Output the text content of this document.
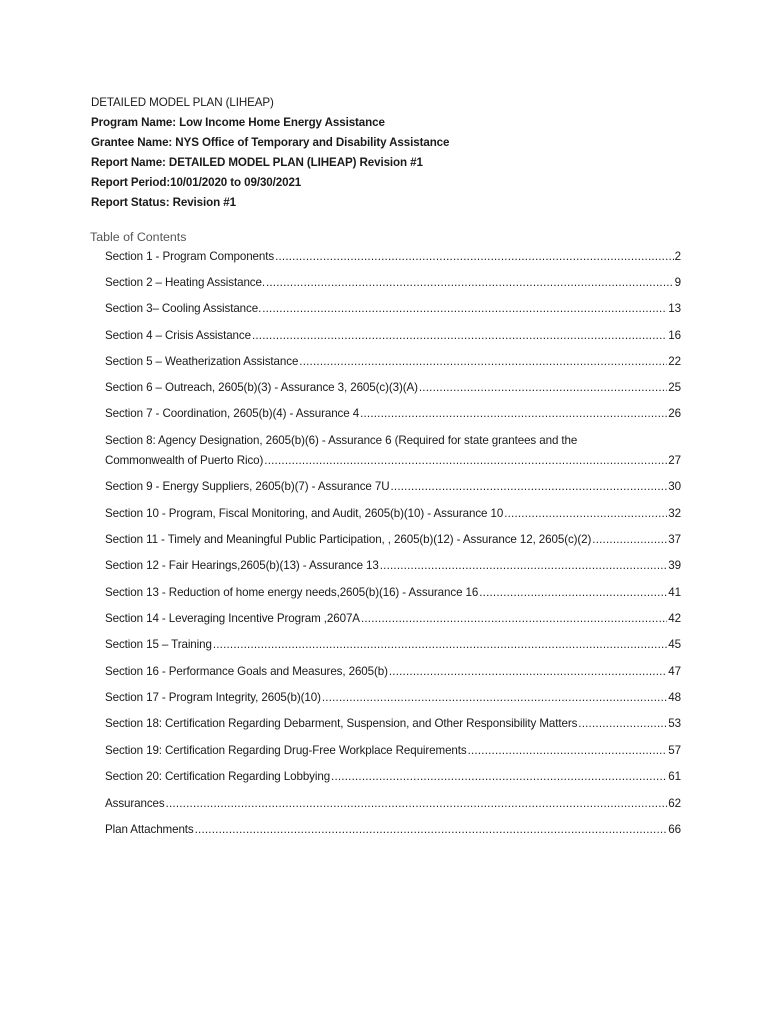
DETAILED MODEL PLAN (LIHEAP)
Program Name: Low Income Home Energy Assistance
Grantee Name: NYS Office of Temporary and Disability Assistance
Report Name: DETAILED MODEL PLAN (LIHEAP) Revision #1
Report Period:10/01/2020 to 09/30/2021
Report Status: Revision #1
Table of Contents
Section 1 - Program Components .....	2
Section 2 – Heating Assistance. .....	9
Section 3– Cooling Assistance. .....	13
Section 4 – Crisis Assistance .....	16
Section 5 – Weatherization Assistance .....	22
Section 6 – Outreach, 2605(b)(3) - Assurance 3, 2605(c)(3)(A) .....	25
Section 7 - Coordination, 2605(b)(4) - Assurance 4 .....	26
Section 8: Agency Designation, 2605(b)(6) - Assurance 6 (Required for state grantees and the
Commonwealth of Puerto Rico) .....	27
Section 9 - Energy Suppliers, 2605(b)(7) - Assurance 7U .....	30
Section 10 - Program, Fiscal Monitoring, and Audit, 2605(b)(10) - Assurance 10 .....	32
Section 11 - Timely and Meaningful Public Participation, , 2605(b)(12) - Assurance 12, 2605(c)(2) .....	37
Section 12 - Fair Hearings,2605(b)(13) - Assurance 13 .....	39
Section 13 - Reduction of home energy needs,2605(b)(16) - Assurance 16 .....	41
Section 14 - Leveraging Incentive Program ,2607A .....	42
Section 15 – Training .....	45
Section 16 - Performance Goals and Measures, 2605(b) .....	47
Section 17 - Program Integrity, 2605(b)(10) .....	48
Section 18: Certification Regarding Debarment, Suspension, and Other Responsibility Matters .....	53
Section 19: Certification Regarding Drug-Free Workplace Requirements .....	57
Section 20: Certification Regarding Lobbying .....	61
Assurances .....	62
Plan Attachments .....	66
